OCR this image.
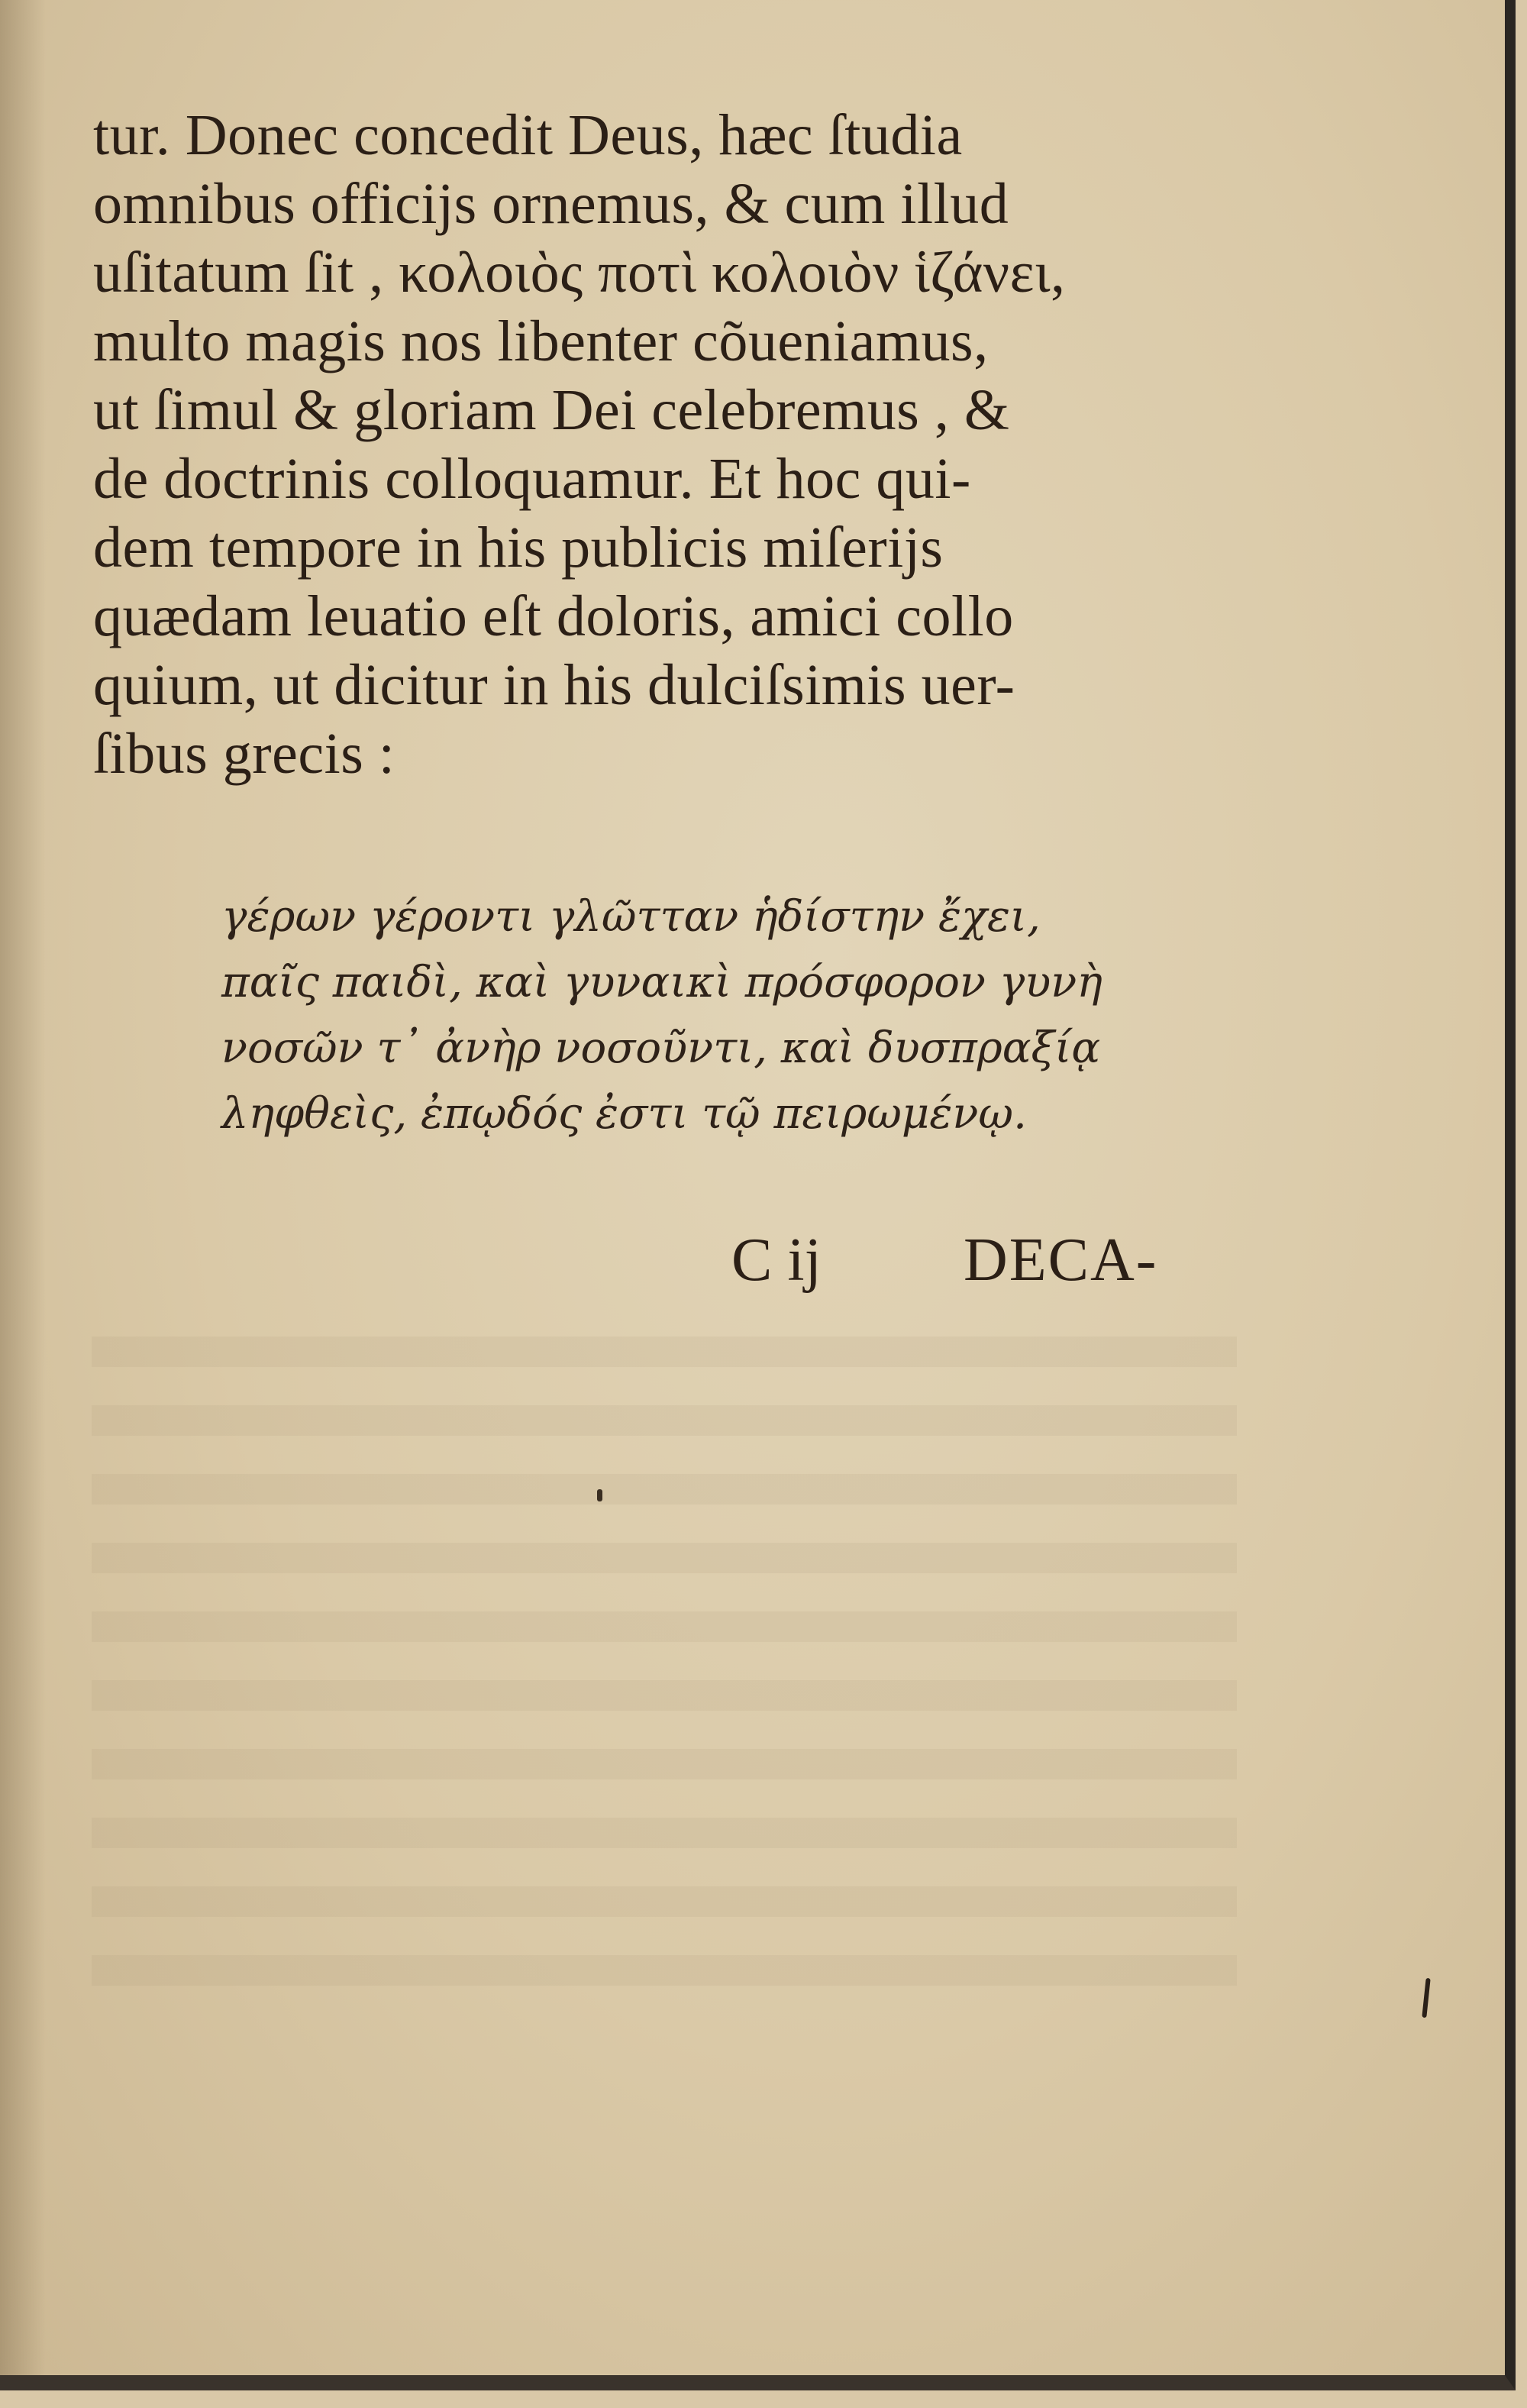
tur. Donec concedit Deus, hæc ſtudia
omnibus officijs ornemus, & cum illud
uſitatum ſit , κολοιὸς ποτὶ κολοιὸν ἱζάνει,
multo magis nos libenter cõueniamus,
ut ſimul & gloriam Dei celebremus , &
de doctrinis colloquamur. Et hoc qui-
dem tempore in his publicis miſerijs
quædam leuatio eſt doloris, amici collo
quium, ut dicitur in his dulciſsimis uer-
ſibus grecis :
γέρων γέροντι γλῶτταν ἡδίστην ἔχει,
παῖς παιδὶ, καὶ γυναικὶ πρόσφορον γυνὴ
νοσῶν τ᾽ ἀνὴρ νοσοῦντι, καὶ δυσπραξίᾳ
ληφθεὶς, ἐπῳδός ἐστι τῷ πειρωμένῳ.
C ij DECA-
